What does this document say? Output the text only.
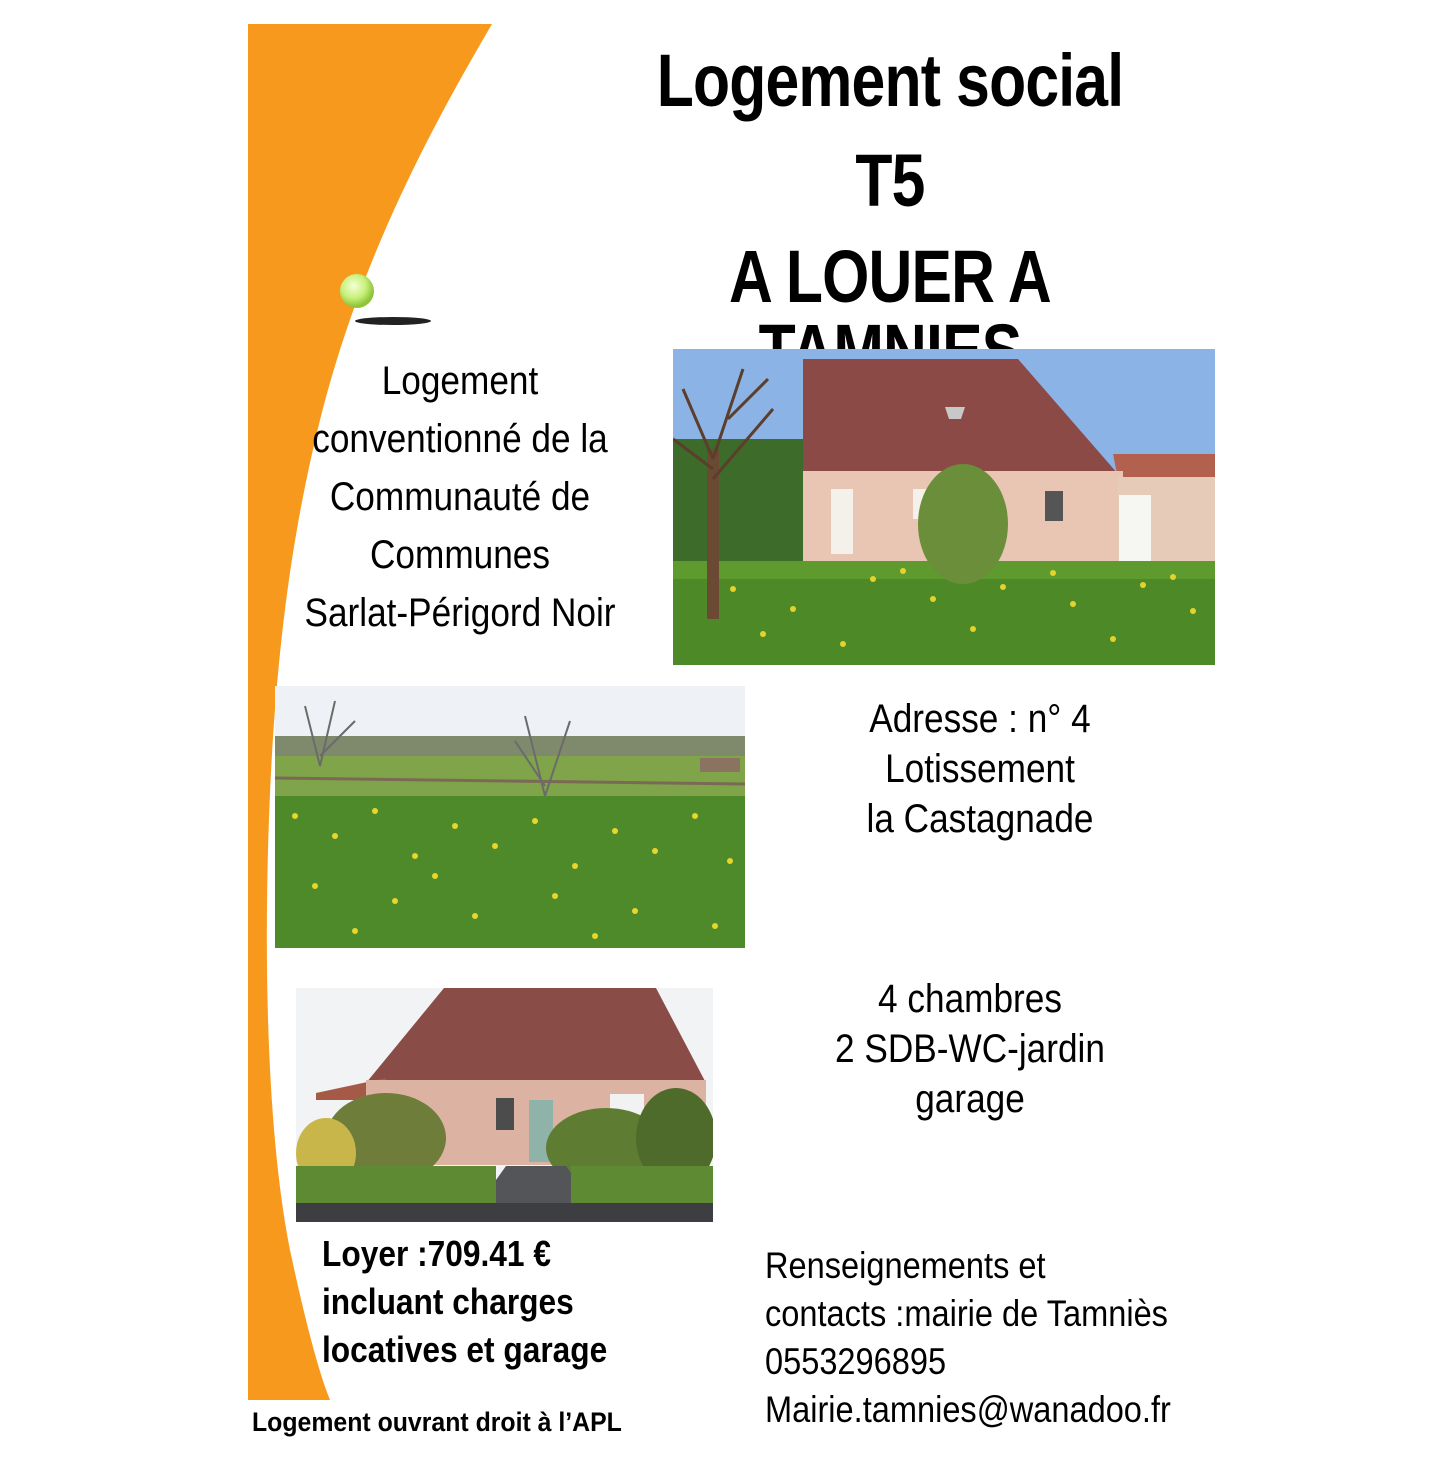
Logement social
T5
A LOUER A
Logement
conventionné de la
Communauté de
Communes
Sarlat-Périgord Noir
Adresse : n° 4
Lotissement
la Castagnade
4 chambres
2 SDB-WC-jardin
garage
Loyer :709.41 €
incluant charges
locatives et garage
Renseignements et
contacts :mairie de Tamniès
0553296895
Mairie.tamnies@wanadoo.fr
Logement ouvrant droit à l’APL
